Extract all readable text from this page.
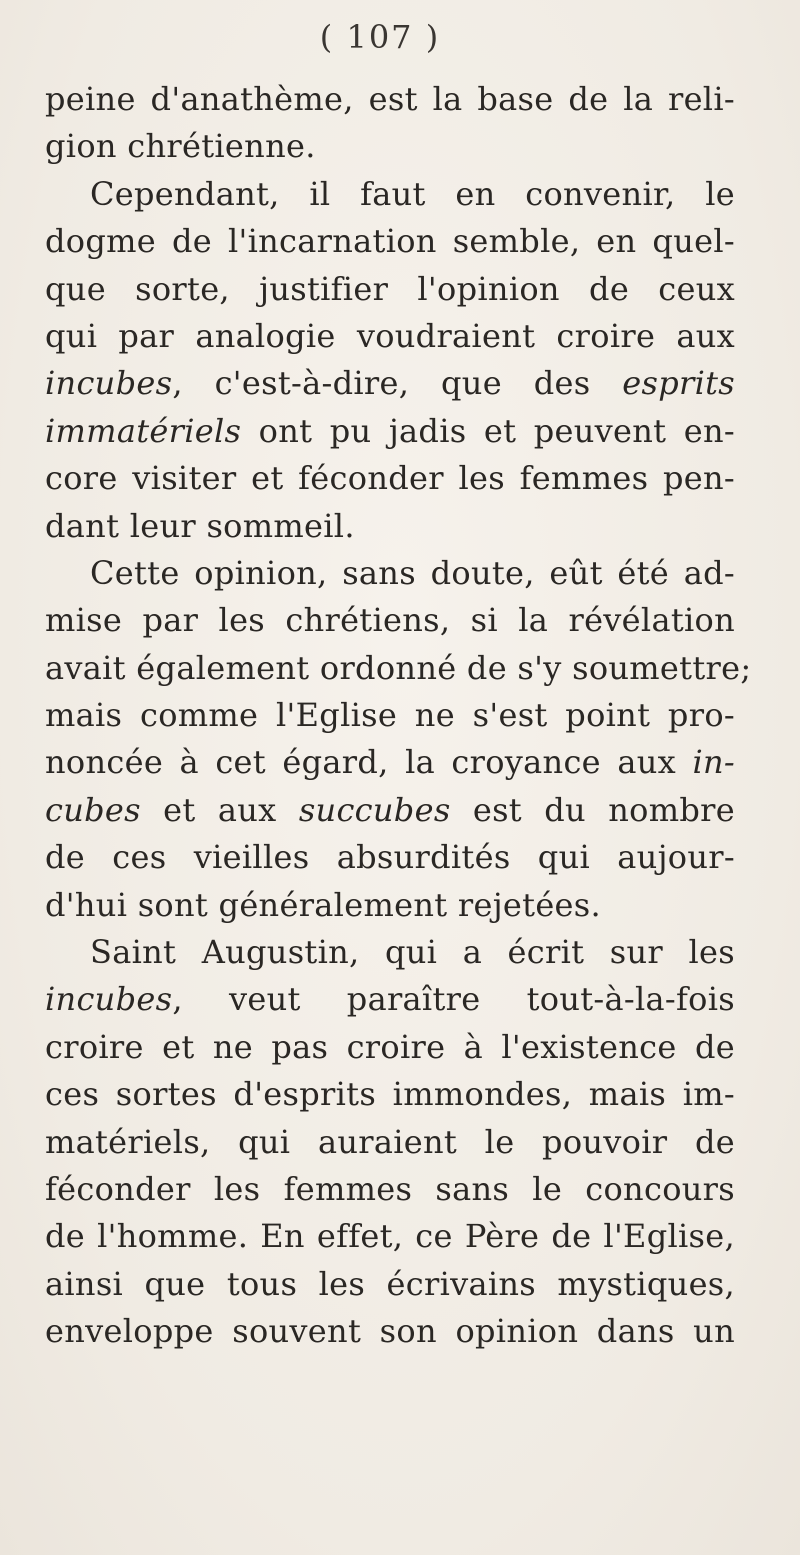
( 107 )
peine d'anathème, est la base de la reli-
gion chrétienne.
Cependant, il faut en convenir, le
dogme de l'incarnation semble, en quel-
que sorte, justifier l'opinion de ceux
qui par analogie voudraient croire aux
incubes, c'est-à-dire, que des esprits
immatériels ont pu jadis et peuvent en-
core visiter et féconder les femmes pen-
dant leur sommeil.
Cette opinion, sans doute, eût été ad-
mise par les chrétiens, si la révélation
avait également ordonné de s'y soumettre;
mais comme l'Eglise ne s'est point pro-
noncée à cet égard, la croyance aux in-
cubes et aux succubes est du nombre
de ces vieilles absurdités qui aujour-
d'hui sont généralement rejetées.
Saint Augustin, qui a écrit sur les
incubes, veut paraître tout-à-la-fois
croire et ne pas croire à l'existence de
ces sortes d'esprits immondes, mais im-
matériels, qui auraient le pouvoir de
féconder les femmes sans le concours
de l'homme. En effet, ce Père de l'Eglise,
ainsi que tous les écrivains mystiques,
enveloppe souvent son opinion dans un
